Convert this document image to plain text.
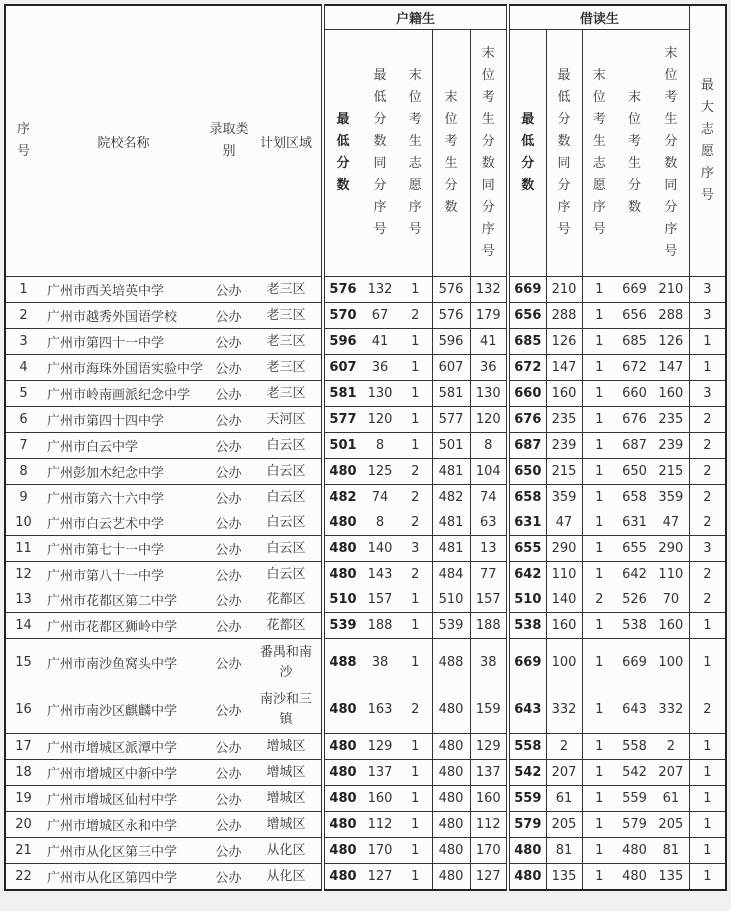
序号	院校名称	录取类别	计划区域	户籍生					借读生					最大志愿序号

				最低分数	最低分数同分序号	末位考生志愿序号	末位考生分数	末位考生分数同分序号	最低分数	最低分数同分序号	末位考生志愿序号	末位考生分数	末位考生分数同分序号	

1	广州市西关培英中学	公办	老三区	576	132	1	576	132	669	210	1	669	210	3
2	广州市越秀外国语学校	公办	老三区	570	67	2	576	179	656	288	1	656	288	3
3	广州市第四十一中学	公办	老三区	596	41	1	596	41	685	126	1	685	126	1
4	广州市海珠外国语实验中学	公办	老三区	607	36	1	607	36	672	147	1	672	147	1
5	广州市岭南画派纪念中学	公办	老三区	581	130	1	581	130	660	160	1	660	160	3
6	广州市第四十四中学	公办	天河区	577	120	1	577	120	676	235	1	676	235	2
7	广州市白云中学	公办	白云区	501	8	1	501	8	687	239	1	687	239	2
8	广州彭加木纪念中学	公办	白云区	480	125	2	481	104	650	215	1	650	215	2
9	广州市第六十六中学	公办	白云区	482	74	2	482	74	658	359	1	658	359	2
10	广州市白云艺术中学	公办	白云区	480	8	2	481	63	631	47	1	631	47	2
11	广州市第七十一中学	公办	白云区	480	140	3	481	13	655	290	1	655	290	3
12	广州市第八十一中学	公办	白云区	480	143	2	484	77	642	110	1	642	110	2
13	广州市花都区第二中学	公办	花都区	510	157	1	510	157	510	140	2	526	70	2
14	广州市花都区狮岭中学	公办	花都区	539	188	1	539	188	538	160	1	538	160	1
15	广州市南沙鱼窝头中学	公办	番禺和南沙	488	38	1	488	38	669	100	1	669	100	1
16	广州市南沙区麒麟中学	公办	南沙和三镇	480	163	2	480	159	643	332	1	643	332	2
17	广州市增城区派潭中学	公办	增城区	480	129	1	480	129	558	2	1	558	2	1
18	广州市增城区中新中学	公办	增城区	480	137	1	480	137	542	207	1	542	207	1
19	广州市增城区仙村中学	公办	增城区	480	160	1	480	160	559	61	1	559	61	1
20	广州市增城区永和中学	公办	增城区	480	112	1	480	112	579	205	1	579	205	1
21	广州市从化区第三中学	公办	从化区	480	170	1	480	170	480	81	1	480	81	1
22	广州市从化区第四中学	公办	从化区	480	127	1	480	127	480	135	1	480	135	1
